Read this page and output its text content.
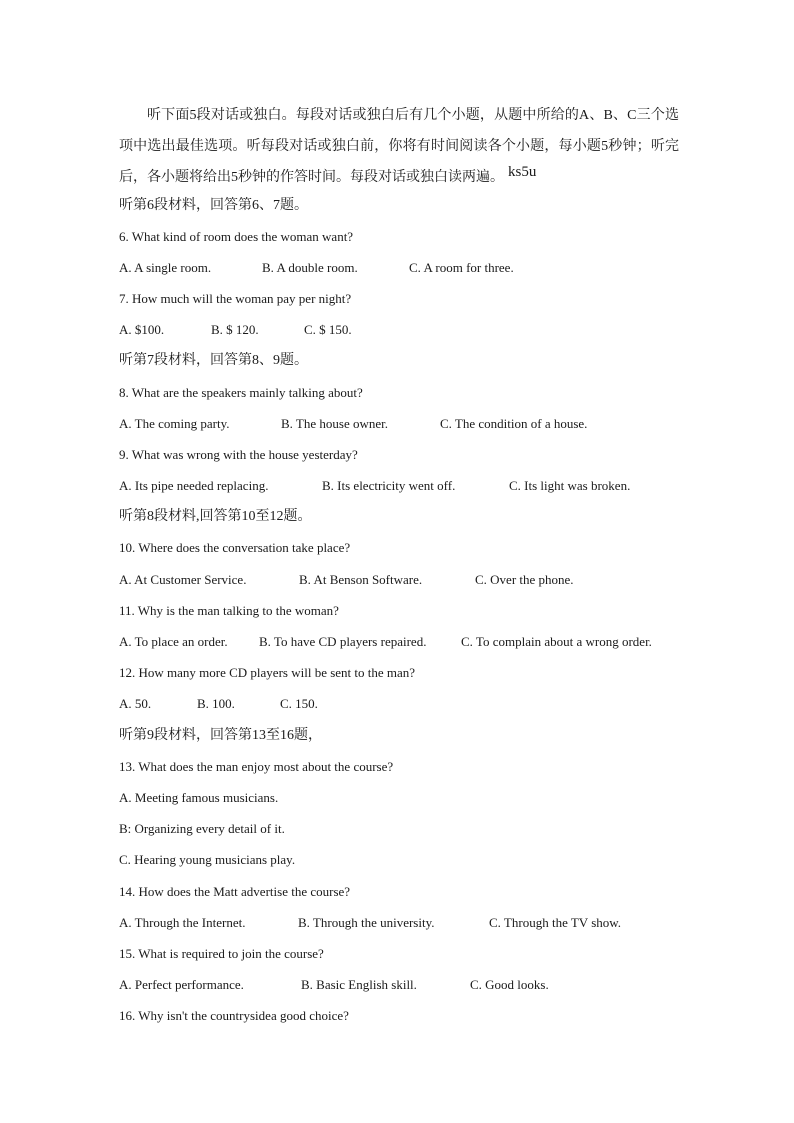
听下面5段对话或独白。每段对话或独白后有几个小题，从题中所给的A、B、C三个选项中选出最佳选项。听每段对话或独白前，你将有时间阅读各个小题，每小题5秒钟；听完后，各小题将给出5秒钟的作答时间。每段对话或独白读两遍。 ks5u

听第6段材料，回答第6、7题。
6. What kind of room does the woman want?
A. A single room.	B. A double room.	C. A room for three.
7. How much will the woman pay per night?
A. $100.	B. $ 120.	C. $ 150.
听第7段材料，回答第8、9题。
8. What are the speakers mainly talking about?
A. The coming party.	B. The house owner.	C. The condition of a house.
9. What was wrong with the house yesterday?
A. Its pipe needed replacing.	B. Its electricity went off.	C. Its light was broken.
听第8段材料,回答第10至12题。
10. Where does the conversation take place?
A. At Customer Service.	B. At Benson Software.	C. Over the phone.
11. Why is the man talking to the woman?
A. To place an order. B. To have CD players repaired.	C. To complain about a wrong order.
12. How many more CD players will be sent to the man?
A. 50.	B. 100.	C. 150.
听第9段材料，回答第13至16题，
13. What does the man enjoy most about the course?
A. Meeting famous musicians.
B: Organizing every detail of it.
C. Hearing young musicians play.
14. How does the Matt advertise the course?
A. Through the Internet.	B. Through the university.	C. Through the TV show.
15. What is required to join the course?
A. Perfect performance.	B. Basic English skill.	C. Good looks.
16. Why isn't the countrysidea good choice?
